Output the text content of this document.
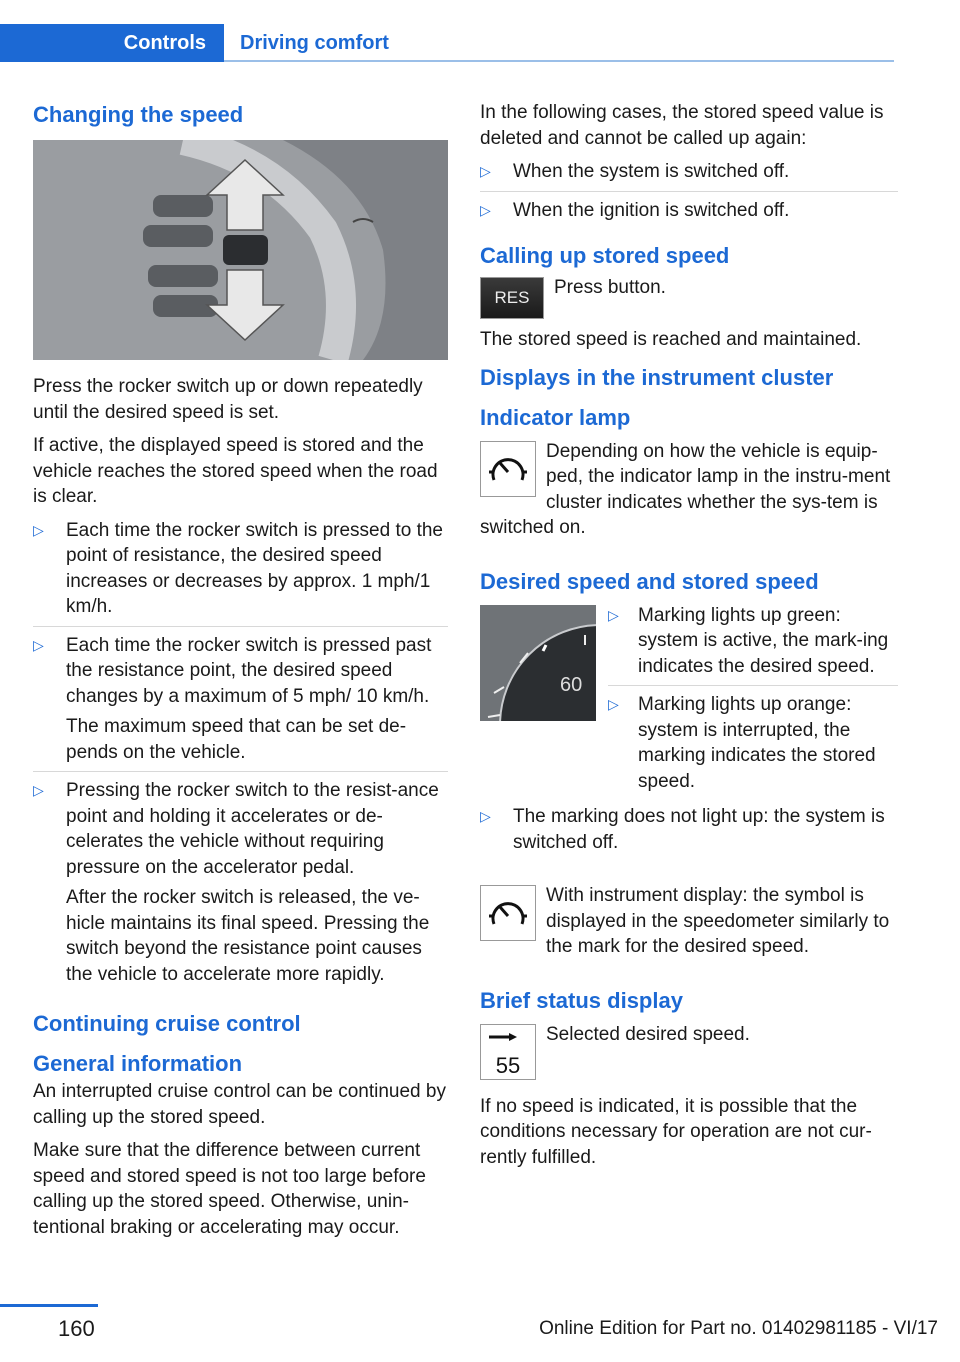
Controls	Driving comfort
Changing the speed

Press the rocker switch up or down repeatedly until the desired speed is set.

If active, the displayed speed is stored and the vehicle reaches the stored speed when the road is clear.

▷ Each time the rocker switch is pressed to the point of resistance, the desired speed increases or decreases by approx. 1 mph/1 km/h.
▷ Each time the rocker switch is pressed past the resistance point, the desired speed changes by a maximum of 5 mph/ 10 km/h.
The maximum speed that can be set de-pends on the vehicle.
▷ Pressing the rocker switch to the resist-ance point and holding it accelerates or de-celerates the vehicle without requiring pressure on the accelerator pedal.
After the rocker switch is released, the ve-hicle maintains its final speed. Pressing the switch beyond the resistance point causes the vehicle to accelerate more rapidly.
Continuing cruise control
General information

An interrupted cruise control can be continued by calling up the stored speed.

Make sure that the difference between current speed and stored speed is not too large before calling up the stored speed. Otherwise, unin-tentional braking or accelerating may occur.

In the following cases, the stored speed value is deleted and cannot be called up again:

▷ When the system is switched off.
▷ When the ignition is switched off.
Calling up stored speed
RES	Press button.

The stored speed is reached and maintained.

Displays in the instrument cluster
Indicator lamp

Depending on how the vehicle is equip-ped, the indicator lamp in the instru-ment cluster indicates whether the sys-tem is switched on.

Desired speed and stored speed
60
▷ Marking lights up green: system is active, the mark-ing indicates the desired speed.
▷ Marking lights up orange: system is interrupted, the marking indicates the stored speed.
▷ The marking does not light up: the system is switched off.

With instrument display: the symbol is displayed in the speedometer similarly to the mark for the desired speed.

Brief status display
55

Selected desired speed.

If no speed is indicated, it is possible that the conditions necessary for operation are not cur-rently fulfilled.

160	Online Edition for Part no. 01402981185 - VI/17
